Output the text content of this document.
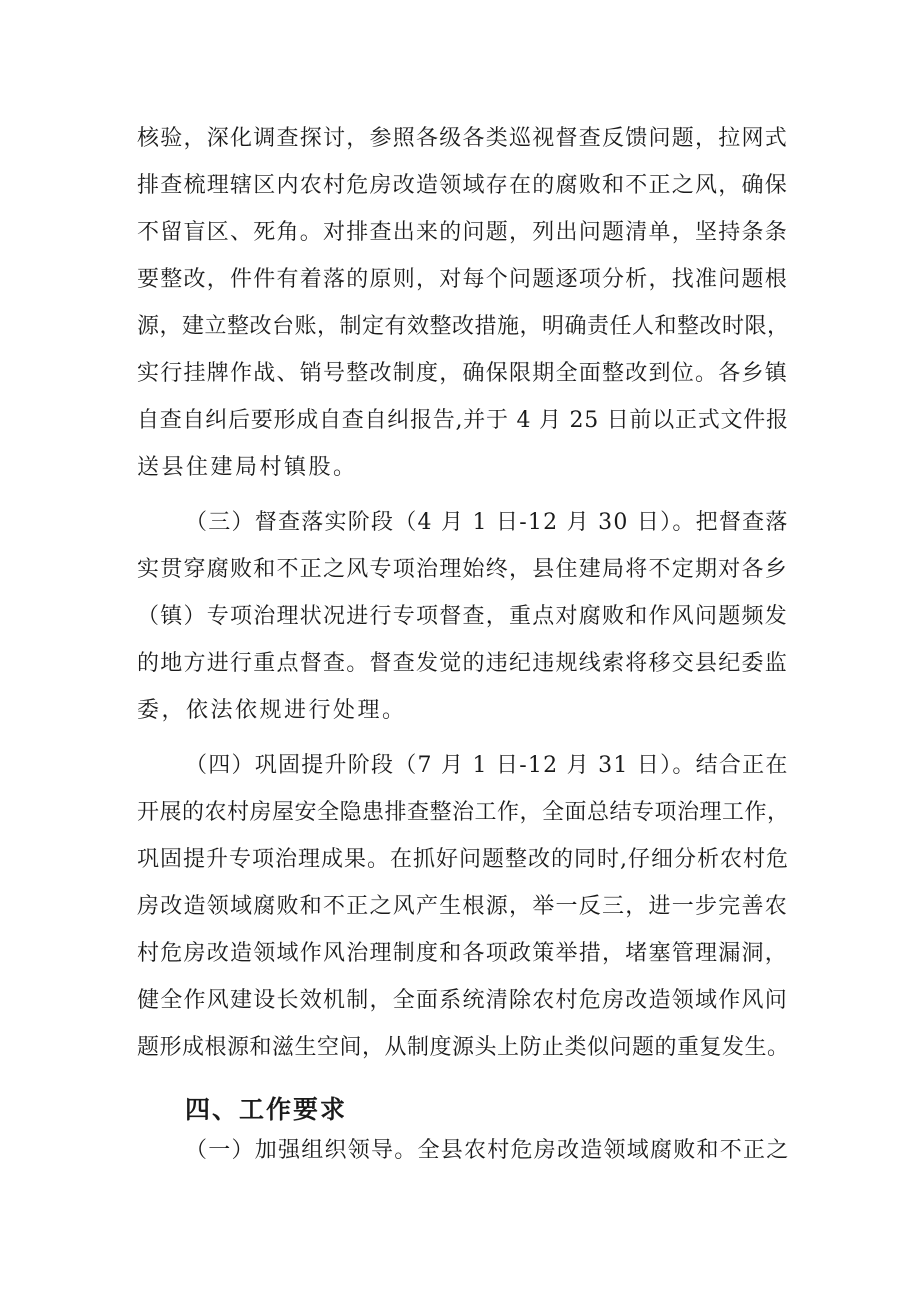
核验，深化调查探讨，参照各级各类巡视督查反馈问题，拉网式
排查梳理辖区内农村危房改造领域存在的腐败和不正之风，确保
不留盲区、死角。对排查出来的问题，列出问题清单，坚持条条
要整改，件件有着落的原则，对每个问题逐项分析，找准问题根
源，建立整改台账，制定有效整改措施，明确责任人和整改时限，
实行挂牌作战、销号整改制度，确保限期全面整改到位。各乡镇
自查自纠后要形成自查自纠报告,并于 4 月 25 日前以正式文件报
送县住建局村镇股。
（三）督查落实阶段（4 月 1 日-12 月 30 日）。把督查落
实贯穿腐败和不正之风专项治理始终，县住建局将不定期对各乡
（镇）专项治理状况进行专项督查，重点对腐败和作风问题频发
的地方进行重点督查。督查发觉的违纪违规线索将移交县纪委监
委，依法依规进行处理。
（四）巩固提升阶段（7 月 1 日-12 月 31 日）。结合正在
开展的农村房屋安全隐患排查整治工作，全面总结专项治理工作，
巩固提升专项治理成果。在抓好问题整改的同时,仔细分析农村危
房改造领域腐败和不正之风产生根源，举一反三，进一步完善农
村危房改造领域作风治理制度和各项政策举措，堵塞管理漏洞，
健全作风建设长效机制，全面系统清除农村危房改造领域作风问
题形成根源和滋生空间，从制度源头上防止类似问题的重复发生。
四、工作要求
（一）加强组织领导。全县农村危房改造领域腐败和不正之
